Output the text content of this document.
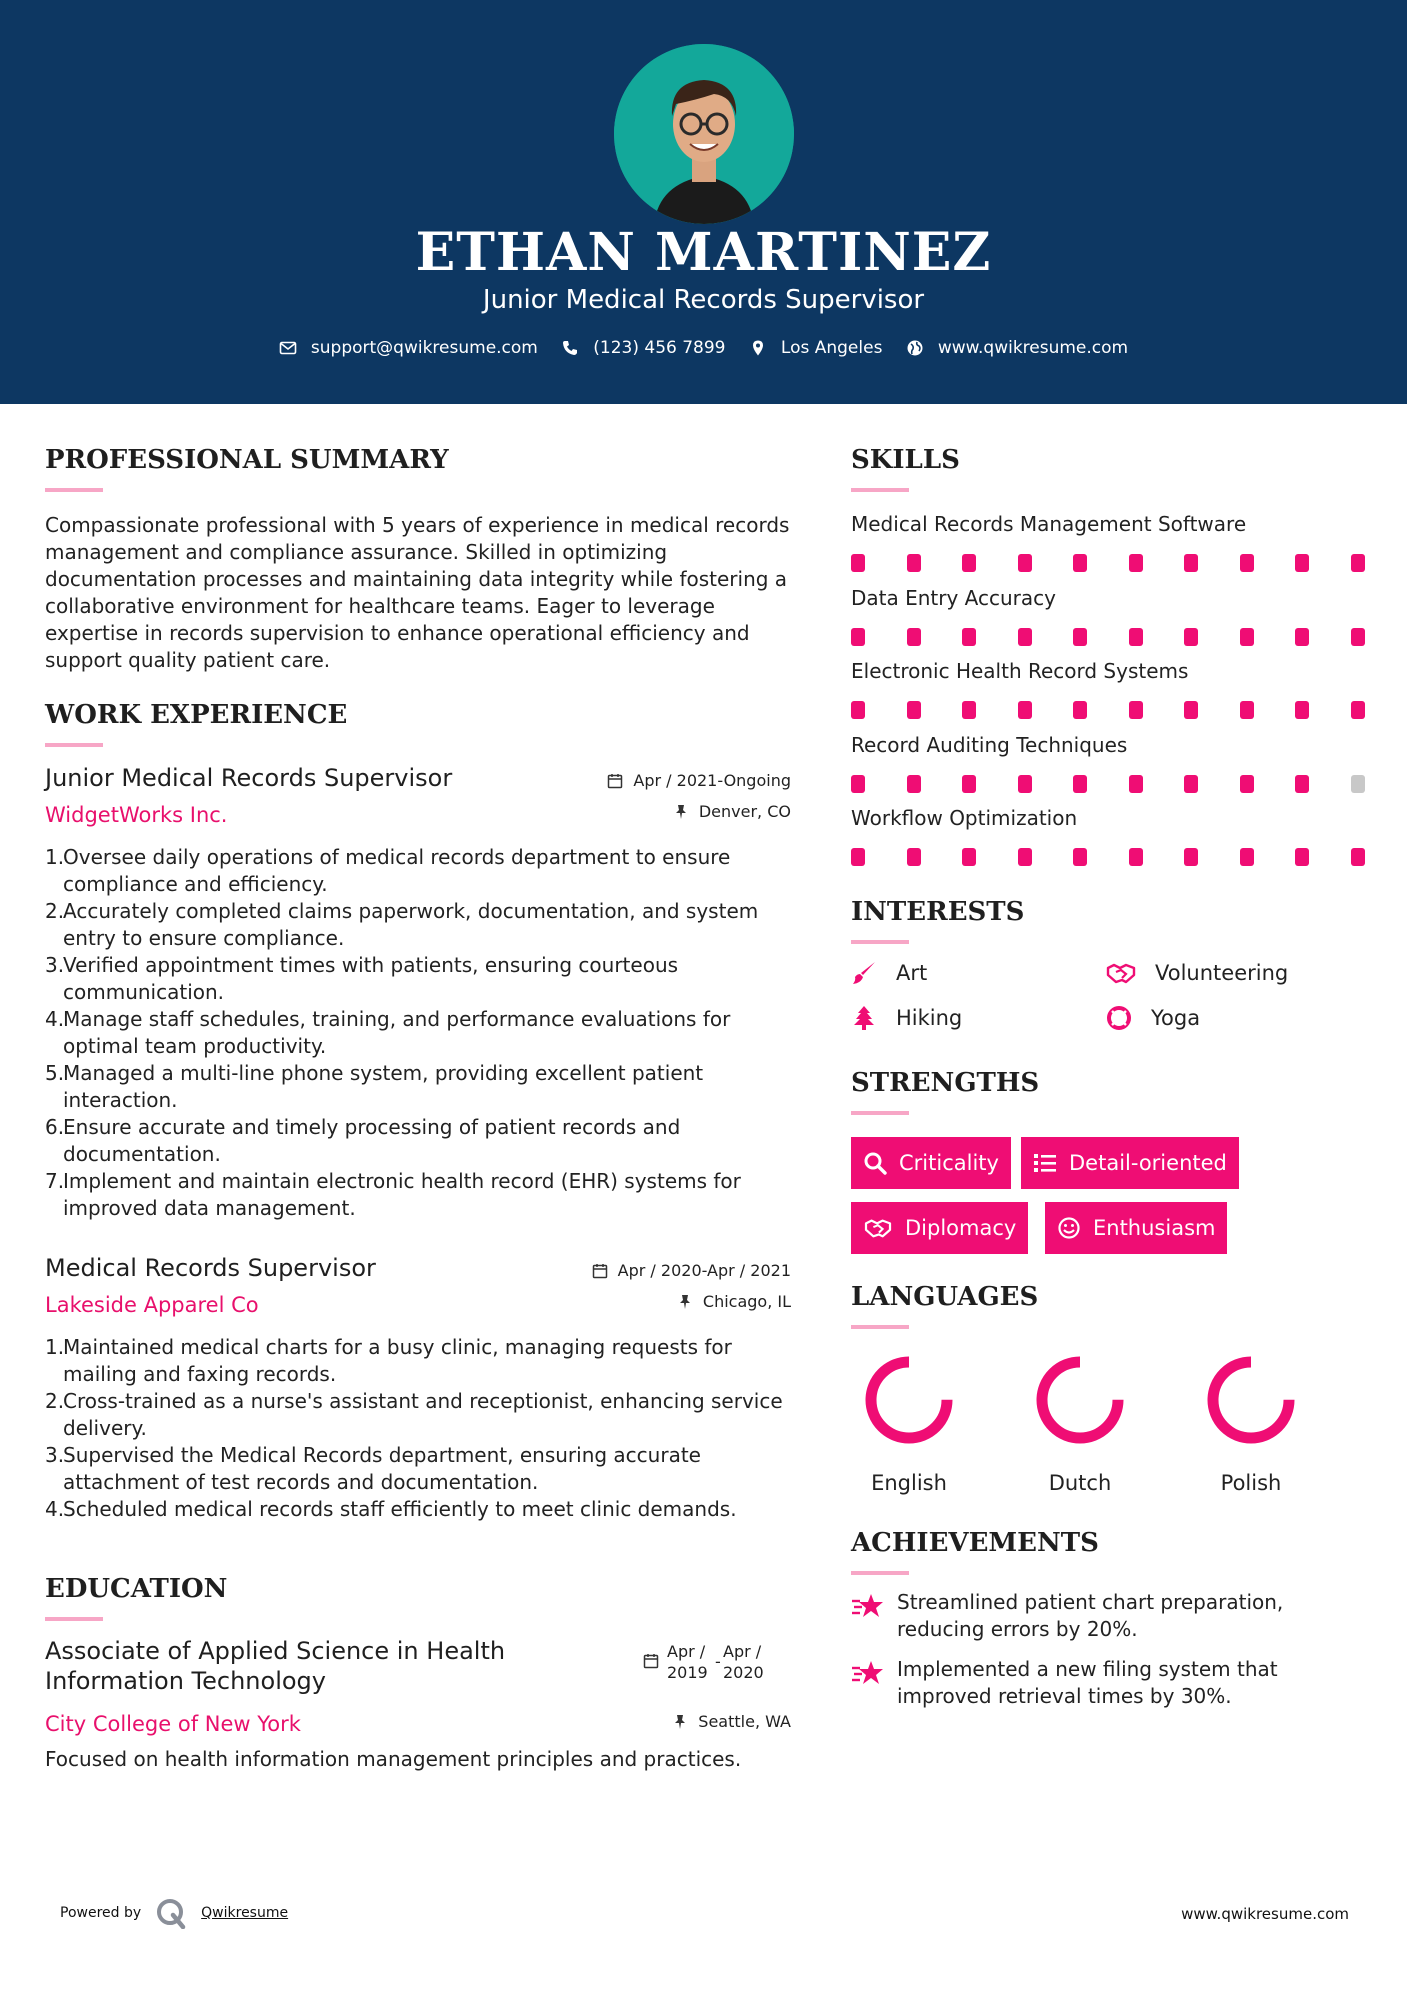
ETHAN MARTINEZ
Junior Medical Records Supervisor
support@qwikresume.com
	(123) 456 7899
	Los Angeles
	www.qwikresume.com
PROFESSIONAL SUMMARY
Compassionate professional with 5 years of experience in medical records management and compliance assurance. Skilled in optimizing documentation processes and maintaining data integrity while fostering a collaborative environment for healthcare teams. Eager to leverage expertise in records supervision to enhance operational efficiency and support quality patient care.
WORK EXPERIENCE
Junior Medical Records Supervisor	Apr / 2021-Ongoing
WidgetWorks Inc.	Denver, CO
1.
Oversee daily operations of medical records department to ensure compliance and efficiency.
2.
Accurately completed claims paperwork, documentation, and system entry to ensure compliance.
3.
Verified appointment times with patients, ensuring courteous communication.
4.
Manage staff schedules, training, and performance evaluations for optimal team productivity.
5.
Managed a multi-line phone system, providing excellent patient interaction.
6.
Ensure accurate and timely processing of patient records and documentation.
7.
Implement and maintain electronic health record (EHR) systems for improved data management.
Medical Records Supervisor	Apr / 2020-Apr / 2021
Lakeside Apparel Co	Chicago, IL
1.
Maintained medical charts for a busy clinic, managing requests for mailing and faxing records.
2.
Cross-trained as a nurse's assistant and receptionist, enhancing service delivery.
3.
Supervised the Medical Records department, ensuring accurate attachment of test records and documentation.
4.
Scheduled medical records staff efficiently to meet clinic demands.
EDUCATION
Associate of Applied Science in Health Information Technology
Apr / 2019
-
Apr / 2020
City College of New York	Seattle, WA
Focused on health information management principles and practices.
SKILLS
Medical Records Management Software
Data Entry Accuracy
Electronic Health Record Systems
Record Auditing Techniques
Workflow Optimization
INTERESTS
Art	Volunteering
Hiking	Yoga
STRENGTHS
Criticality	Detail-oriented
Diplomacy	Enthusiasm
LANGUAGES
English	Dutch	Polish
ACHIEVEMENTS
Streamlined patient chart preparation, reducing errors by 20%.
Implemented a new filing system that improved retrieval times by 30%.
Powered by	Qwikresume	www.qwikresume.com
